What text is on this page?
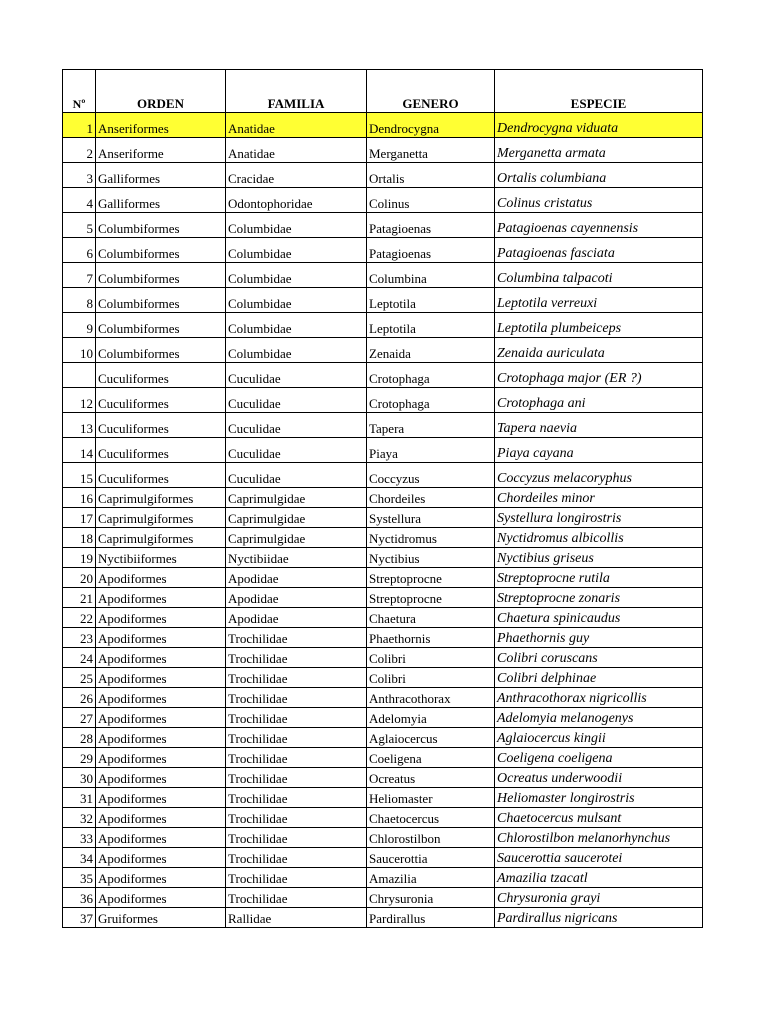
Nº	ORDEN	FAMILIA	GENERO	ESPECIE
1	Anseriformes	Anatidae	Dendrocygna	Dendrocygna viduata
2	Anseriforme	Anatidae	Merganetta	Merganetta armata
3	Galliformes	Cracidae	Ortalis	Ortalis columbiana
4	Galliformes	Odontophoridae	Colinus	Colinus cristatus
5	Columbiformes	Columbidae	Patagioenas	Patagioenas cayennensis
6	Columbiformes	Columbidae	Patagioenas	Patagioenas fasciata
7	Columbiformes	Columbidae	Columbina	Columbina talpacoti
8	Columbiformes	Columbidae	Leptotila	Leptotila verreuxi
9	Columbiformes	Columbidae	Leptotila	Leptotila plumbeiceps
10	Columbiformes	Columbidae	Zenaida	Zenaida auriculata
	Cuculiformes	Cuculidae	Crotophaga	Crotophaga major (ER ?)
12	Cuculiformes	Cuculidae	Crotophaga	Crotophaga ani
13	Cuculiformes	Cuculidae	Tapera	Tapera naevia
14	Cuculiformes	Cuculidae	Piaya	Piaya cayana
15	Cuculiformes	Cuculidae	Coccyzus	Coccyzus melacoryphus
16	Caprimulgiformes	Caprimulgidae	Chordeiles	Chordeiles minor
17	Caprimulgiformes	Caprimulgidae	Systellura	Systellura longirostris
18	Caprimulgiformes	Caprimulgidae	Nyctidromus	Nyctidromus albicollis
19	Nyctibiiformes	Nyctibiidae	Nyctibius	Nyctibius griseus
20	Apodiformes	Apodidae	Streptoprocne	Streptoprocne rutila
21	Apodiformes	Apodidae	Streptoprocne	Streptoprocne zonaris
22	Apodiformes	Apodidae	Chaetura	Chaetura spinicaudus
23	Apodiformes	Trochilidae	Phaethornis	Phaethornis guy
24	Apodiformes	Trochilidae	Colibri	Colibri coruscans
25	Apodiformes	Trochilidae	Colibri	Colibri delphinae
26	Apodiformes	Trochilidae	Anthracothorax	Anthracothorax nigricollis
27	Apodiformes	Trochilidae	Adelomyia	Adelomyia melanogenys
28	Apodiformes	Trochilidae	Aglaiocercus	Aglaiocercus kingii
29	Apodiformes	Trochilidae	Coeligena	Coeligena coeligena
30	Apodiformes	Trochilidae	Ocreatus	Ocreatus underwoodii
31	Apodiformes	Trochilidae	Heliomaster	Heliomaster longirostris
32	Apodiformes	Trochilidae	Chaetocercus	Chaetocercus mulsant
33	Apodiformes	Trochilidae	Chlorostilbon	Chlorostilbon melanorhynchus
34	Apodiformes	Trochilidae	Saucerottia	Saucerottia saucerotei
35	Apodiformes	Trochilidae	Amazilia	Amazilia tzacatl
36	Apodiformes	Trochilidae	Chrysuronia	Chrysuronia grayi
37	Gruiformes	Rallidae	Pardirallus	Pardirallus nigricans
